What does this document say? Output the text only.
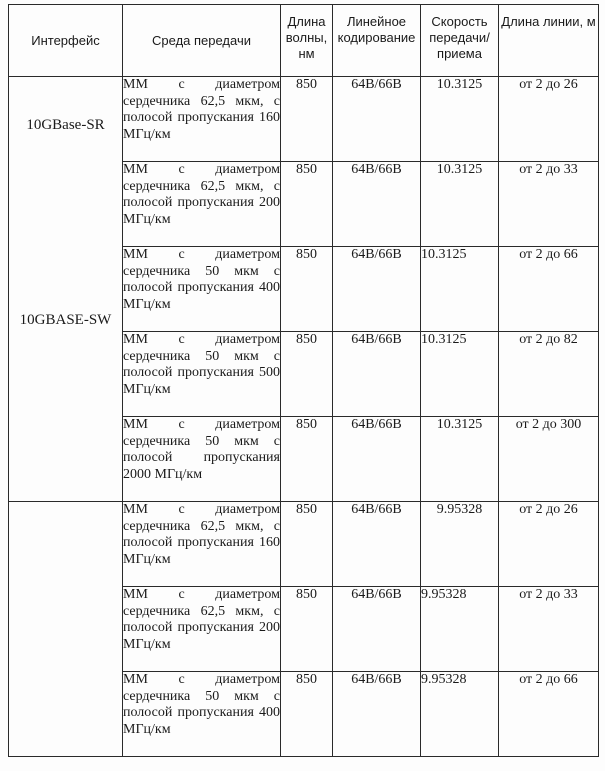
Интерфейс	Среда передачи	Длина волны, нм	Линейное кодирование	Скорость передачи/ приема	Длина линии, м

10GBase-SR	ММ с диаметром сердечника 62,5 мкм, с полосой пропускания 160 МГц/км	850	64В/66В	10.3125	от 2 до 26
	ММ с диаметром сердечника 62,5 мкм, с полосой пропускания 200 МГц/км	850	64В/66В	10.3125	от 2 до 33
	ММ с диаметром сердечника 50 мкм с полосой пропускания 400 МГц/км	850	64В/66В	10.3125	от 2 до 66
	ММ с диаметром сердечника 50 мкм с полосой пропускания 500 МГц/км	850	64В/66В	10.3125	от 2 до 82
	ММ с диаметром сердечника 50 мкм с полосой пропускания 2000 МГц/км	850	64В/66В	10.3125	от 2 до 300

10GBASE-SW	ММ с диаметром сердечника 62,5 мкм, с полосой пропускания 160 МГц/км	850	64В/66В	9.95328	от 2 до 26
	ММ с диаметром сердечника 62,5 мкм, с полосой пропускания 200 МГц/км	850	64В/66В	9.95328	от 2 до 33
	ММ с диаметром сердечника 50 мкм с полосой пропускания 400 МГц/км	850	64В/66В	9.95328	от 2 до 66
